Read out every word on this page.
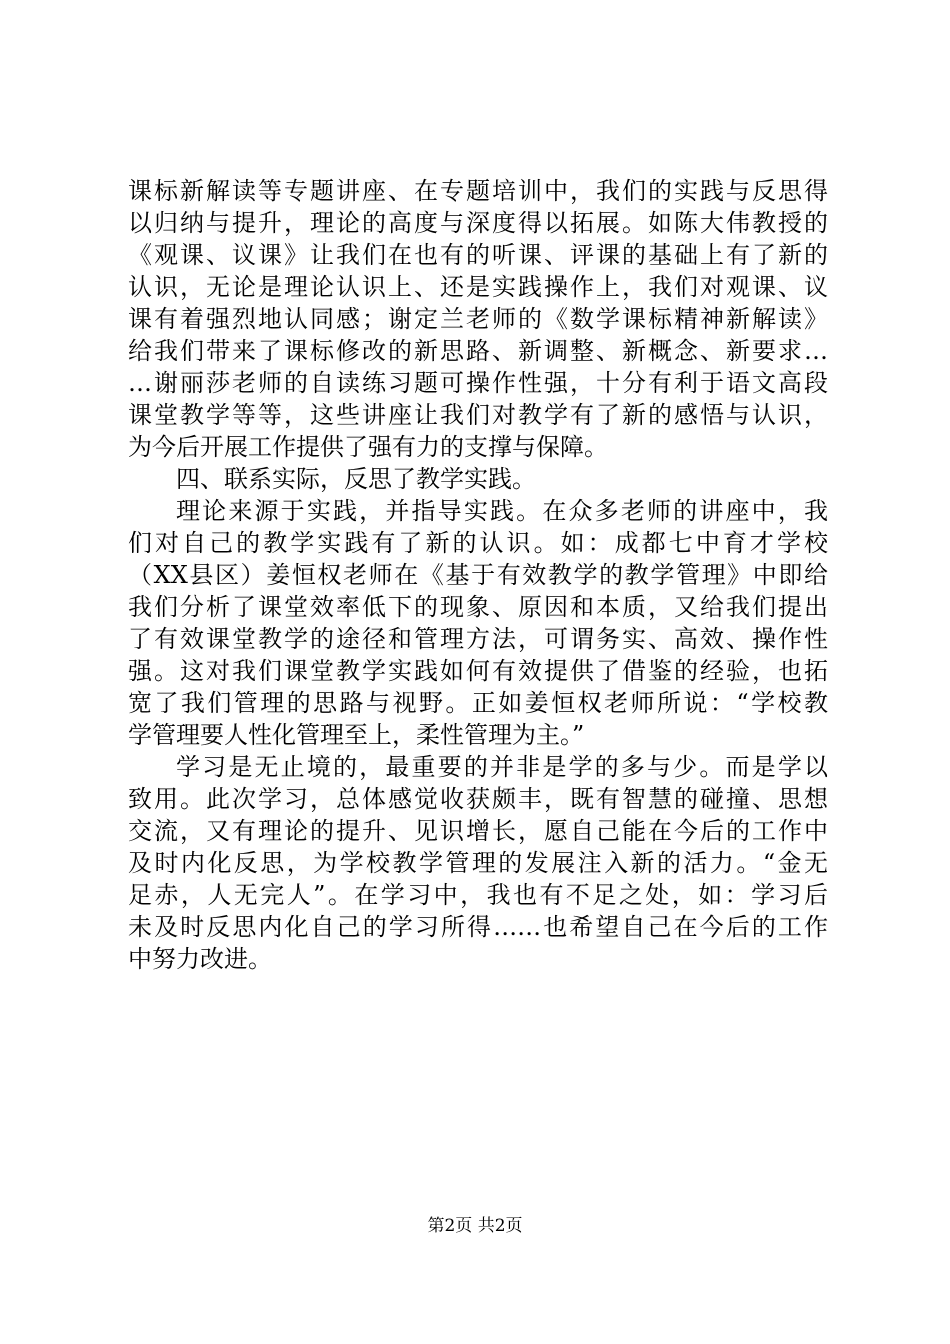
课标新解读等专题讲座、在专题培训中，我们的实践与反思得
以归纳与提升，理论的高度与深度得以拓展。如陈大伟教授的
《观课、议课》让我们在也有的听课、评课的基础上有了新的
认识，无论是理论认识上、还是实践操作上，我们对观课、议
课有着强烈地认同感；谢定兰老师的《数学课标精神新解读》
给我们带来了课标修改的新思路、新调整、新概念、新要求…
…谢丽莎老师的自读练习题可操作性强，十分有利于语文高段
课堂教学等等，这些讲座让我们对教学有了新的感悟与认识，
为今后开展工作提供了强有力的支撑与保障。
四、联系实际，反思了教学实践。
理论来源于实践，并指导实践。在众多老师的讲座中，我
们对自己的教学实践有了新的认识。如：成都七中育才学校
（XX县区）姜恒权老师在《基于有效教学的教学管理》中即给
我们分析了课堂效率低下的现象、原因和本质，又给我们提出
了有效课堂教学的途径和管理方法，可谓务实、高效、操作性
强。这对我们课堂教学实践如何有效提供了借鉴的经验，也拓
宽了我们管理的思路与视野。正如姜恒权老师所说：“学校教
学管理要人性化管理至上，柔性管理为主。”
学习是无止境的，最重要的并非是学的多与少。而是学以
致用。此次学习，总体感觉收获颇丰，既有智慧的碰撞、思想
交流，又有理论的提升、见识增长，愿自己能在今后的工作中
及时内化反思，为学校教学管理的发展注入新的活力。“金无
足赤，人无完人”。在学习中，我也有不足之处，如：学习后
未及时反思内化自己的学习所得……也希望自己在今后的工作
中努力改进。
第2页 共2页
